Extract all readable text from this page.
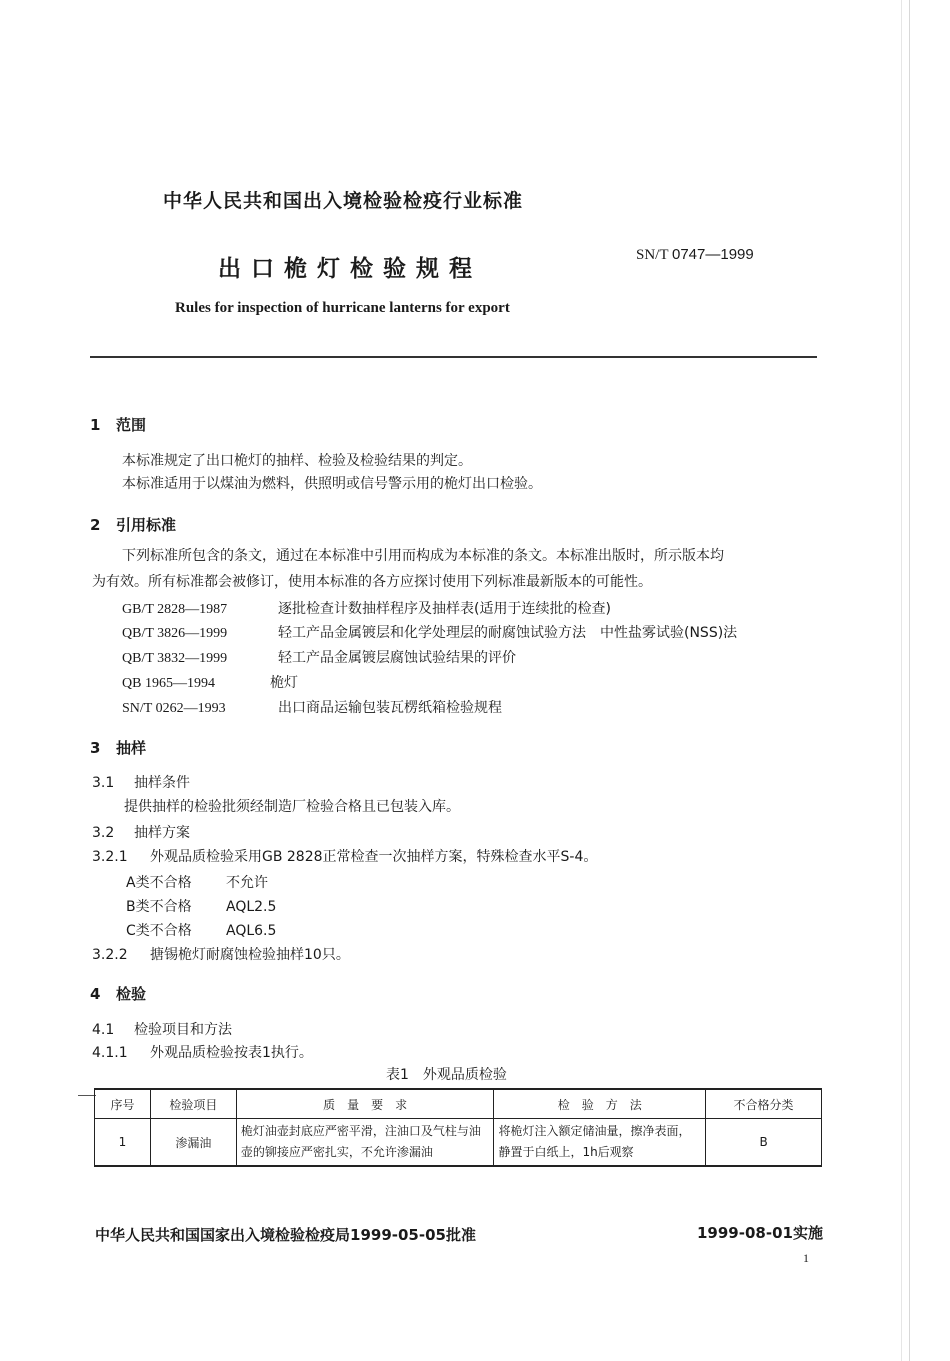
中华人民共和国出入境检验检疫行业标准
出口桅灯检验规程
SN/T 0747—1999
Rules for inspection of hurricane lanterns for export
1 范围
本标准规定了出口桅灯的抽样、检验及检验结果的判定。
本标准适用于以煤油为燃料，供照明或信号警示用的桅灯出口检验。
2 引用标准
下列标准所包含的条文，通过在本标准中引用而构成为本标准的条文。本标准出版时，所示版本均
为有效。所有标准都会被修订，使用本标准的各方应探讨使用下列标准最新版本的可能性。
GB/T 2828—1987	逐批检查计数抽样程序及抽样表(适用于连续批的检查)
QB/T 3826—1999	轻工产品金属镀层和化学处理层的耐腐蚀试验方法　中性盐雾试验(NSS)法
QB/T 3832—1999	轻工产品金属镀层腐蚀试验结果的评价
QB 1965—1994	桅灯
SN/T 0262—1993	出口商品运输包装瓦楞纸箱检验规程
3 抽样
3.1 抽样条件
提供抽样的检验批须经制造厂检验合格且已包装入库。
3.2 抽样方案
3.2.1 外观品质检验采用GB 2828正常检查一次抽样方案，特殊检查水平S-4。
A类不合格 不允许
B类不合格 AQL2.5
C类不合格 AQL6.5
3.2.2 搪锡桅灯耐腐蚀检验抽样10只。
4 检验
4.1 检验项目和方法
4.1.1 外观品质检验按表1执行。
表1　外观品质检验
序号	检验项目	质　量　要　求	检　验　方　法	不合格分类
1	渗漏油	桅灯油壶封底应严密平滑，注油口及气柱与油壶的铆接应严密扎实，不允许渗漏油	将桅灯注入额定储油量，擦净表面，静置于白纸上，1h后观察	B
中华人民共和国国家出入境检验检疫局1999-05-05批准	1999-08-01实施
1
